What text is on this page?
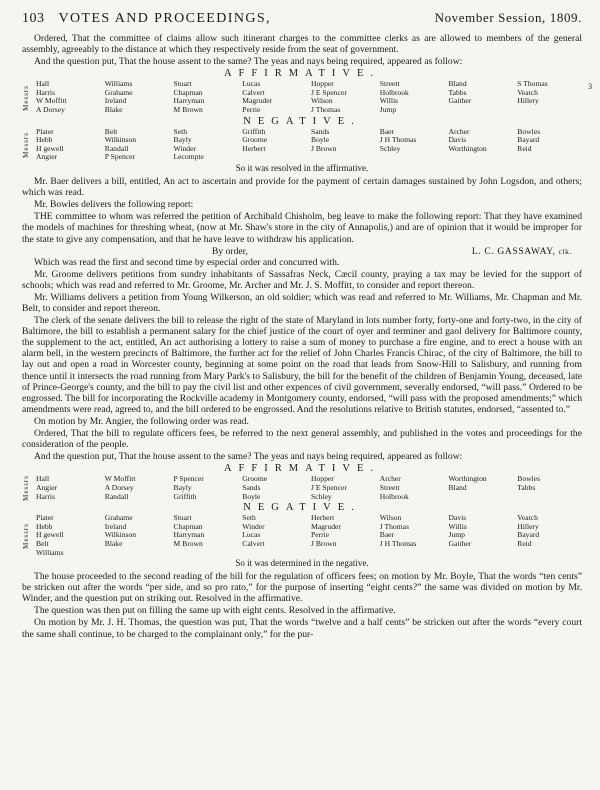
103 VOTES AND PROCEEDINGS,	November Session, 1809.

Ordered, That the committee of claims allow such itinerant charges to the committee clerks as are allowed to members of the general assembly, agreeably to the distance at which they respectively reside from the seat of government.

And the question put, That the house assent to the same? The yeas and nays being required, appeared as follow:

AFFIRMATIVE.
Messrs
Hall	Williams	Stuart	Lucas	Hopper	Streett	Bland	S Thomas
Harris	Grahame	Chapman	Calvert	J E Spencer	Holbrook	Tabbs	Veatch
W Moffitt	Ireland	Harryman	Magruder	Wilson	Willis	Gaither	Hillery
A Dorsey	Blake	M Brown	Perrie	J Thomas	Jump
NEGATIVE.
Messrs
Plater	Belt	Seth	Griffith	Sands	Baer	Archer	Bowles
Hebb	Wilkinson	Bayly	Groome	Boyle	J H Thomas	Davis	Bayard
H gewell	Randall	Winder	Herbert	J Brown	Schley	Worthington	Reid
Angier	P Spencer	Lecompte
3
So it was resolved in the affirmative.

Mr. Baer delivers a bill, entitled, An act to ascertain and provide for the payment of certain damages sustained by John Logsdon, and others; which was read.

Mr. Bowles delivers the following report:

THE committee to whom was referred the petition of Archibald Chisholm, beg leave to make the following report: That they have examined the models of machines for threshing wheat, (now at Mr. Shaw's store in the city of Annapolis,) and are of opinion that it would be improper for the state to give any compensation, and that he have leave to withdraw his application.

By order,	L. C. GASSAWAY, clk.

Which was read the first and second time by especial order and concurred with.

Mr. Groome delivers petitions from sundry inhabitants of Sassafras Neck, Cæcil county, praying a tax may be levied for the support of schools; which was read and referred to Mr. Groome, Mr. Archer and Mr. J. S. Moffitt, to consider and report thereon.

Mr. Williams delivers a petition from Young Wilkerson, an old soldier; which was read and referred to Mr. Williams, Mr. Chapman and Mr. Belt, to consider and report thereon.

The clerk of the senate delivers the bill to release the right of the state of Maryland in lots number forty, forty-one and forty-two, in the city of Baltimore, the bill to establish a permanent salary for the chief justice of the court of oyer and terminer and gaol delivery for Baltimore county, the supplement to the act, entitled, An act authorising a lottery to raise a sum of money to purchase a fire engine, and to erect a house with an alarm bell, in the western precincts of Baltimore, the further act for the relief of John Charles Francis Chirac, of the city of Baltimore, the bill to lay out and open a road in Worcester county, beginning at some point on the road that leads from Snow-Hill to Salisbury, and running from thence until it intersects the road running from Mary Park's to Salisbury, the bill for the benefit of the children of Benjamin Young, deceased, late of Prince-George's county, and the bill to pay the civil list and other expences of civil government, severally endorsed, “will pass.” Ordered to be engrossed. The bill for incorporating the Rockville academy in Montgomery county, endorsed, “will pass with the proposed amendments;” which amendments were read, agreed to, and the bill ordered to be engrossed. And the resolutions relative to British statutes, endorsed, “assented to.”

On motion by Mr. Angier, the following order was read.

Ordered, That the bill to regulate officers fees, be referred to the next general assembly, and published in the votes and proceedings for the consideration of the people.

And the question put, That the house assent to the same? The yeas and nays being required, appeared as follow:

AFFIRMATIVE.
Messrs Hall	W Moffitt	P Spencer	Groome	Hopper	Archer	Worthington	Bowles
Angier	A Dorsey	Bayly	Sands	J E Spencer	Streett	Bland	Tabbs
Harris	Randall	Griffith	Boyle	Schley	Holbrook
NEGATIVE.
Messrs
Plater	Grahame	Stuart	Seth	Herbert	Wilson	Davis	Veatch
Hebb	Ireland	Chapman	Winder	Magruder	J Thomas	Willis	Hillery
H gewell	Wilkinson	Harryman	Lucas	Perrie	Baer	Jump	Bayard
Belt	Blake	M Brown	Calvert	J Brown	J H Thomas	Gaither	Reid
Williams
So it was determined in the negative.

The house proceeded to the second reading of the bill for the regulation of officers fees; on motion by Mr. Boyle, That the words “ten cents” be stricken out after the words “per side, and so pro rato,” for the purpose of inserting “eight cents?” the same was divided on motion by Mr. Winder, and the question put on striking out. Resolved in the affirmative.

The question was then put on filling the same up with eight cents. Resolved in the affirmative.

On motion by Mr. J. H. Thomas, the question was put, That the words “twelve and a half cents” be stricken out after the words “every court the same shall continue, to be charged to the complainant only,” for the pur-
